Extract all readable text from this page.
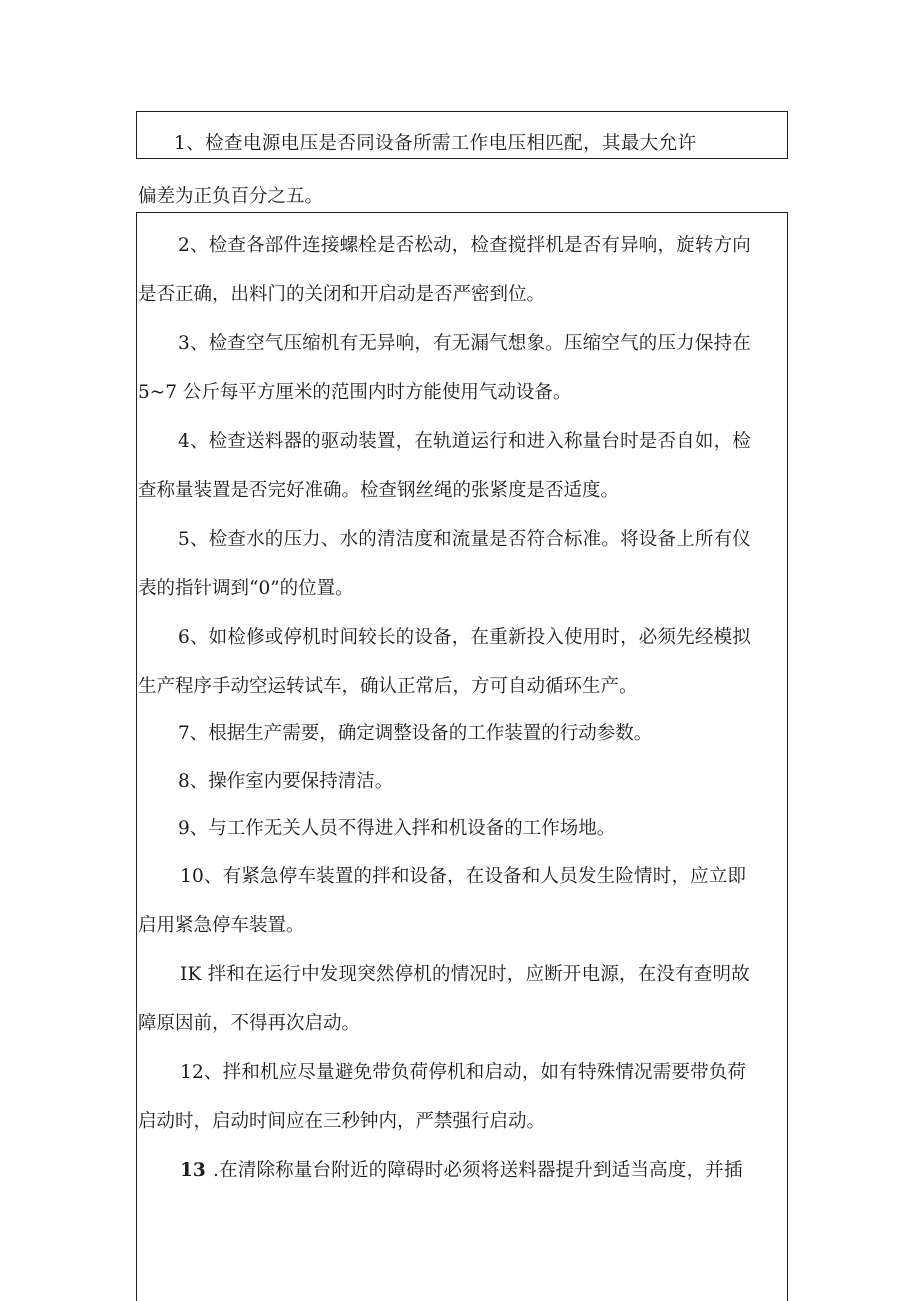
1、检查电源电压是否同设备所需工作电压相匹配，其最大允许

偏差为正负百分之五。

2、检查各部件连接螺栓是否松动，检查搅拌机是否有异响，旋转方向

是否正确，出料门的关闭和开启动是否严密到位。

3、检查空气压缩机有无异响，有无漏气想象。压缩空气的压力保持在

5~7 公斤每平方厘米的范围内时方能使用气动设备。

4、检查送料器的驱动装置，在轨道运行和进入称量台时是否自如，检

查称量装置是否完好准确。检查钢丝绳的张紧度是否适度。

5、检查水的压力、水的清洁度和流量是否符合标准。将设备上所有仪

表的指针调到“0”的位置。

6、如检修或停机时间较长的设备，在重新投入使用时，必须先经模拟

生产程序手动空运转试车，确认正常后，方可自动循环生产。

7、根据生产需要，确定调整设备的工作装置的行动参数。

8、操作室内要保持清洁。

9、与工作无关人员不得进入拌和机设备的工作场地。

10、有紧急停车装置的拌和设备，在设备和人员发生险情时，应立即

启用紧急停车装置。

IK 拌和在运行中发现突然停机的情况时，应断开电源，在没有查明故

障原因前，不得再次启动。

12、拌和机应尽量避免带负荷停机和启动，如有特殊情况需要带负荷

启动时，启动时间应在三秒钟内，严禁强行启动。

13 .在清除称量台附近的障碍时必须将送料器提升到适当高度，并插
